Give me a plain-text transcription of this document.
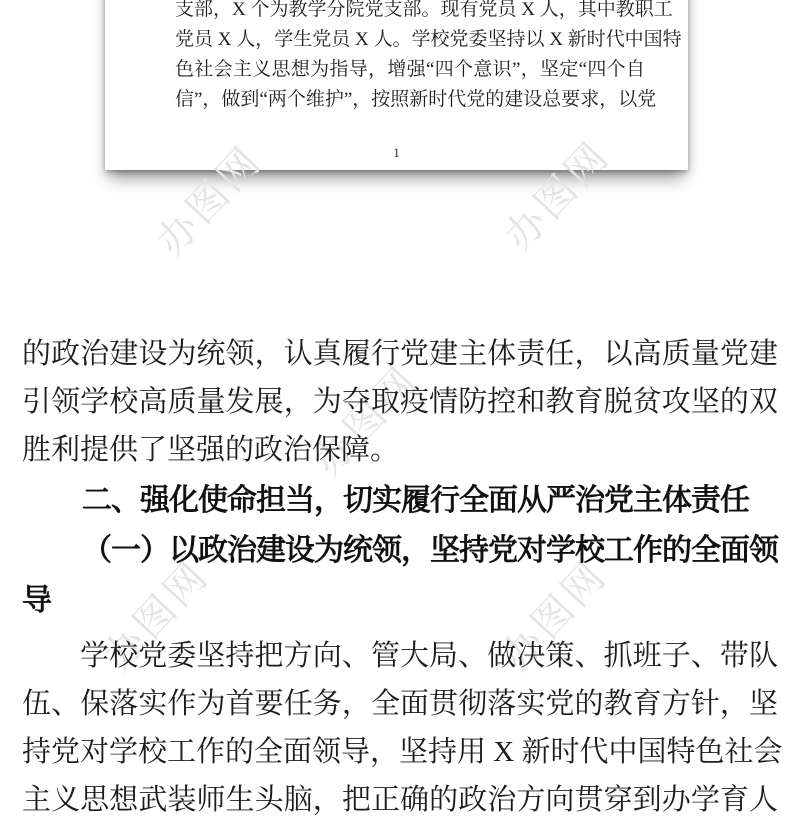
支部，X 个为教学分院党支部。现有党员 X 人，其中教职工
党员 X 人，学生党员 X 人。学校党委坚持以 X 新时代中国特
色社会主义思想为指导，增强“四个意识”，坚定“四个自
信”，做到“两个维护”，按照新时代党的建设总要求，以党
1
的政治建设为统领，认真履行党建主体责任，以高质量党建
引领学校高质量发展，为夺取疫情防控和教育脱贫攻坚的双
胜利提供了坚强的政治保障。
二、强化使命担当，切实履行全面从严治党主体责任
（一）以政治建设为统领，坚持党对学校工作的全面领
导
学校党委坚持把方向、管大局、做决策、抓班子、带队
伍、保落实作为首要任务，全面贯彻落实党的教育方针，坚
持党对学校工作的全面领导，坚持用 X 新时代中国特色社会
主义思想武装师生头脑，把正确的政治方向贯穿到办学育人
办图网	办图网
办图网
办图网	办图网
